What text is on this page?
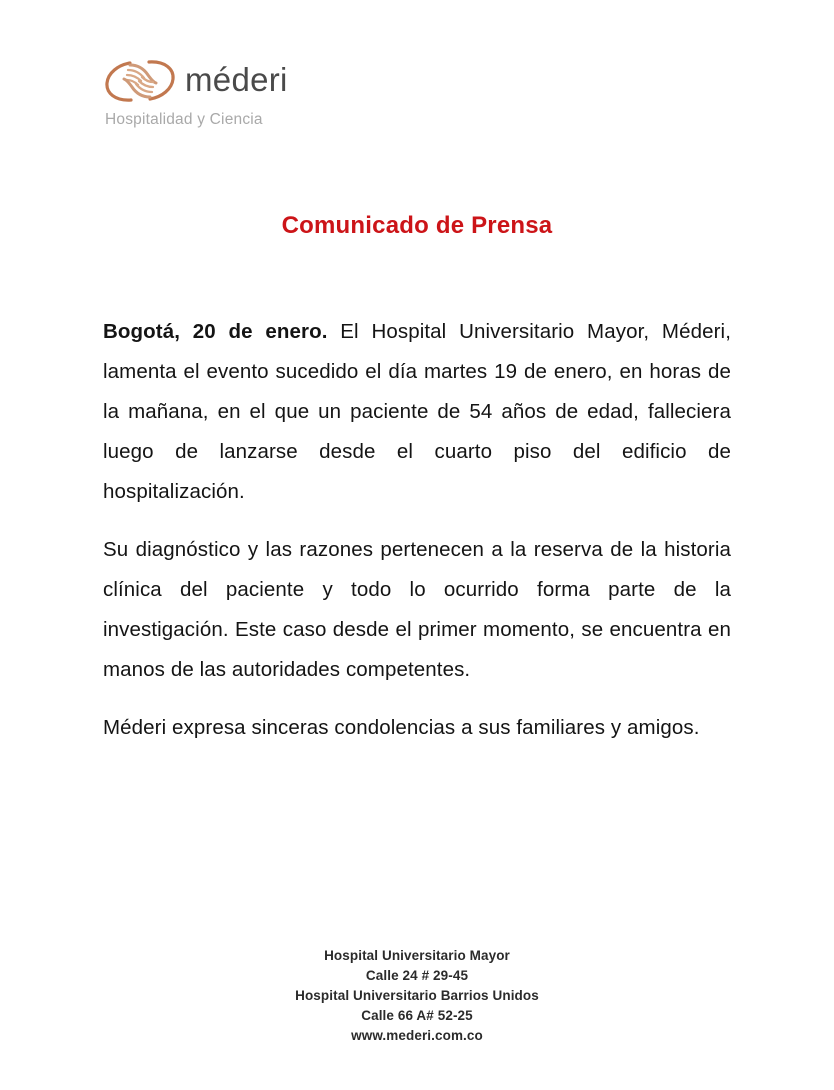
méderi
Hospitalidad y Ciencia
Comunicado de Prensa

Bogotá, 20 de enero. El Hospital Universitario Mayor, Méderi, lamenta el evento sucedido el día martes 19 de enero, en horas de la mañana, en el que un paciente de 54 años de edad, falleciera luego de lanzarse desde el cuarto piso del edificio de hospitalización.

Su diagnóstico y las razones pertenecen a la reserva de la historia clínica del paciente y todo lo ocurrido forma parte de la investigación. Este caso desde el primer momento, se encuentra en manos de las autoridades competentes.

Méderi expresa sinceras condolencias a sus familiares y amigos.

Hospital Universitario Mayor
Calle 24 # 29-45
Hospital Universitario Barrios Unidos
Calle 66 A# 52-25
www.mederi.com.co
